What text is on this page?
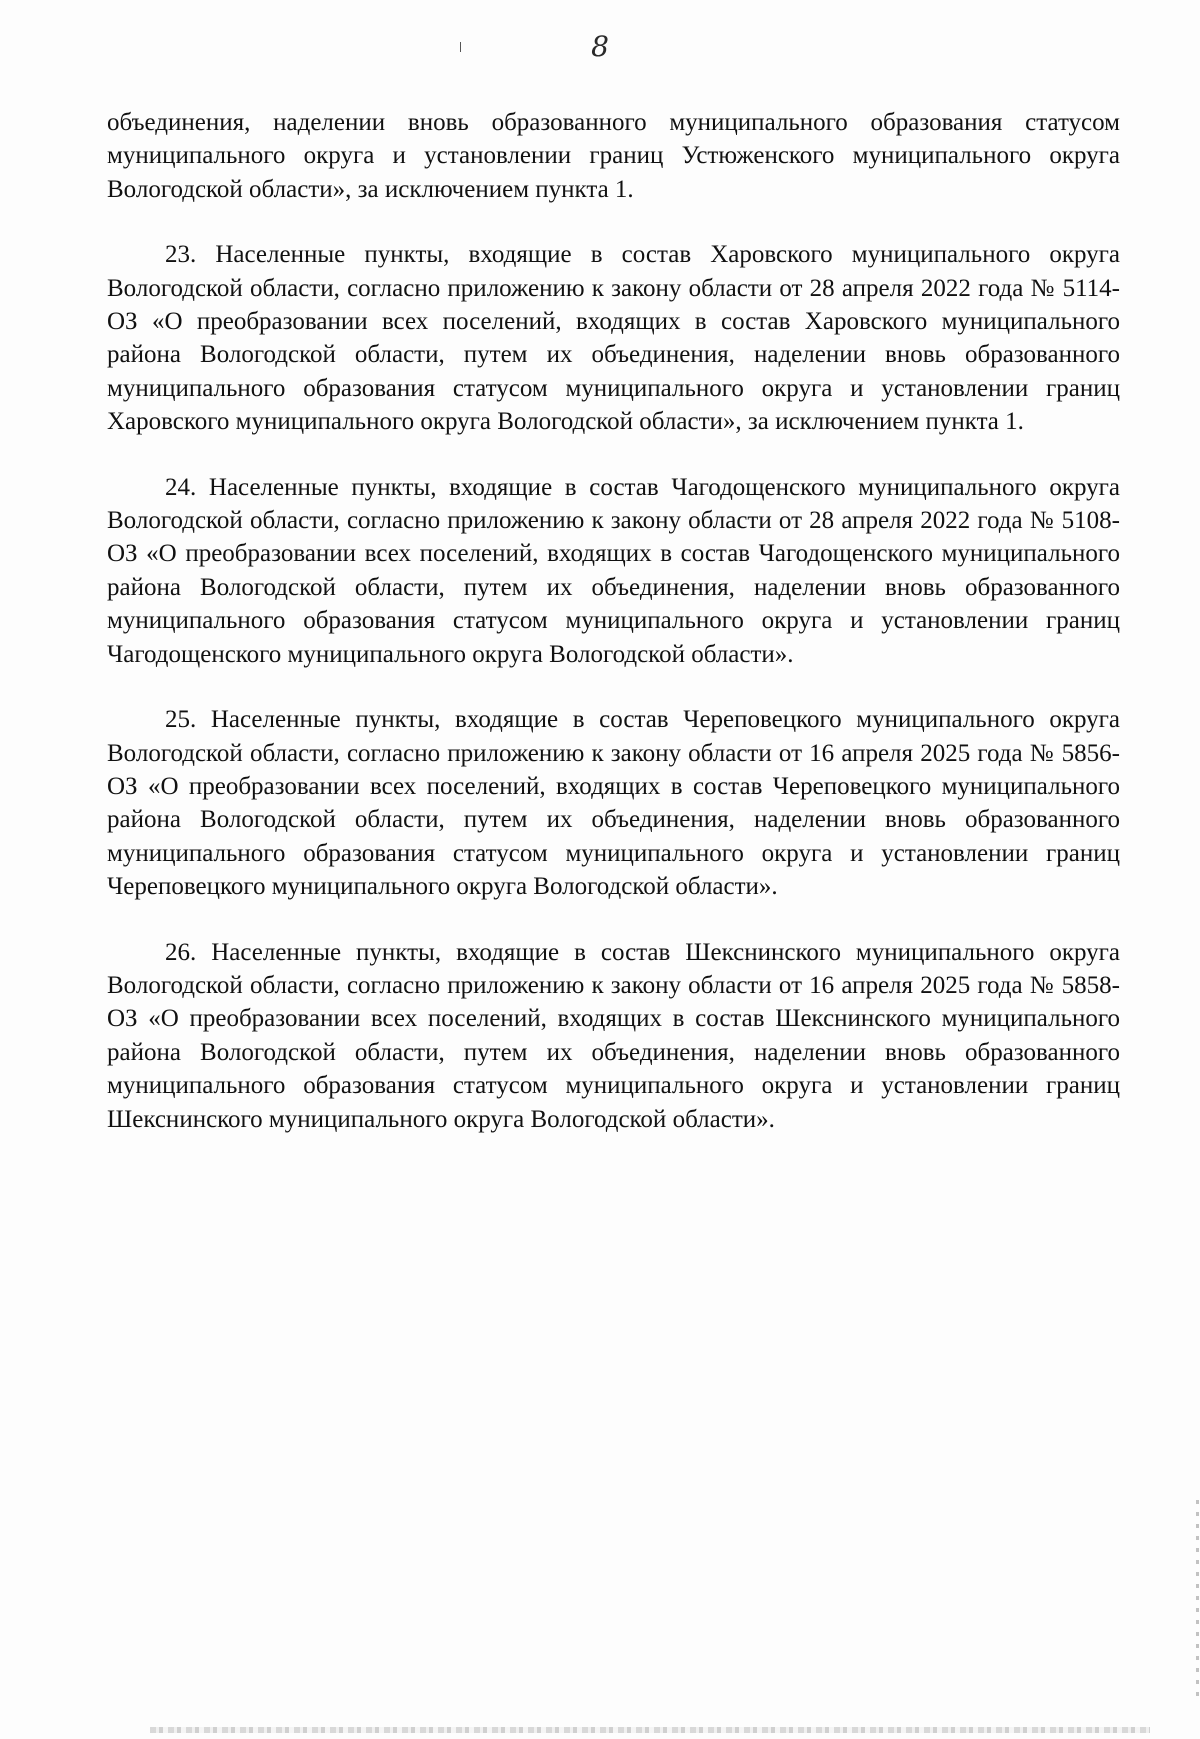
8

объединения, наделении вновь образованного муниципального образования статусом муниципального округа и установлении границ Устюженского муниципального округа Вологодской области», за исключением пункта 1.

23. Населенные пункты, входящие в состав Харовского муниципального округа Вологодской области, согласно приложению к закону области от 28 апреля 2022 года № 5114-ОЗ «О преобразовании всех поселений, входящих в состав Харовского муниципального района Вологодской области, путем их объединения, наделении вновь образованного муниципального образования статусом муниципального округа и установлении границ Харовского муниципального округа Вологодской области», за исключением пункта 1.

24. Населенные пункты, входящие в состав Чагодощенского муниципального округа Вологодской области, согласно приложению к закону области от 28 апреля 2022 года № 5108-ОЗ «О преобразовании всех поселений, входящих в состав Чагодощенского муниципального района Вологодской области, путем их объединения, наделении вновь образованного муниципального образования статусом муниципального округа и установлении границ Чагодощенского муниципального округа Вологодской области».

25. Населенные пункты, входящие в состав Череповецкого муниципального округа Вологодской области, согласно приложению к закону области от 16 апреля 2025 года № 5856-ОЗ «О преобразовании всех поселений, входящих в состав Череповецкого муниципального района Вологодской области, путем их объединения, наделении вновь образованного муниципального образования статусом муниципального округа и установлении границ Череповецкого муниципального округа Вологодской области».

26. Населенные пункты, входящие в состав Шекснинского муниципального округа Вологодской области, согласно приложению к закону области от 16 апреля 2025 года № 5858-ОЗ «О преобразовании всех поселений, входящих в состав Шекснинского муниципального района Вологодской области, путем их объединения, наделении вновь образованного муниципального образования статусом муниципального округа и установлении границ Шекснинского муниципального округа Вологодской области».
